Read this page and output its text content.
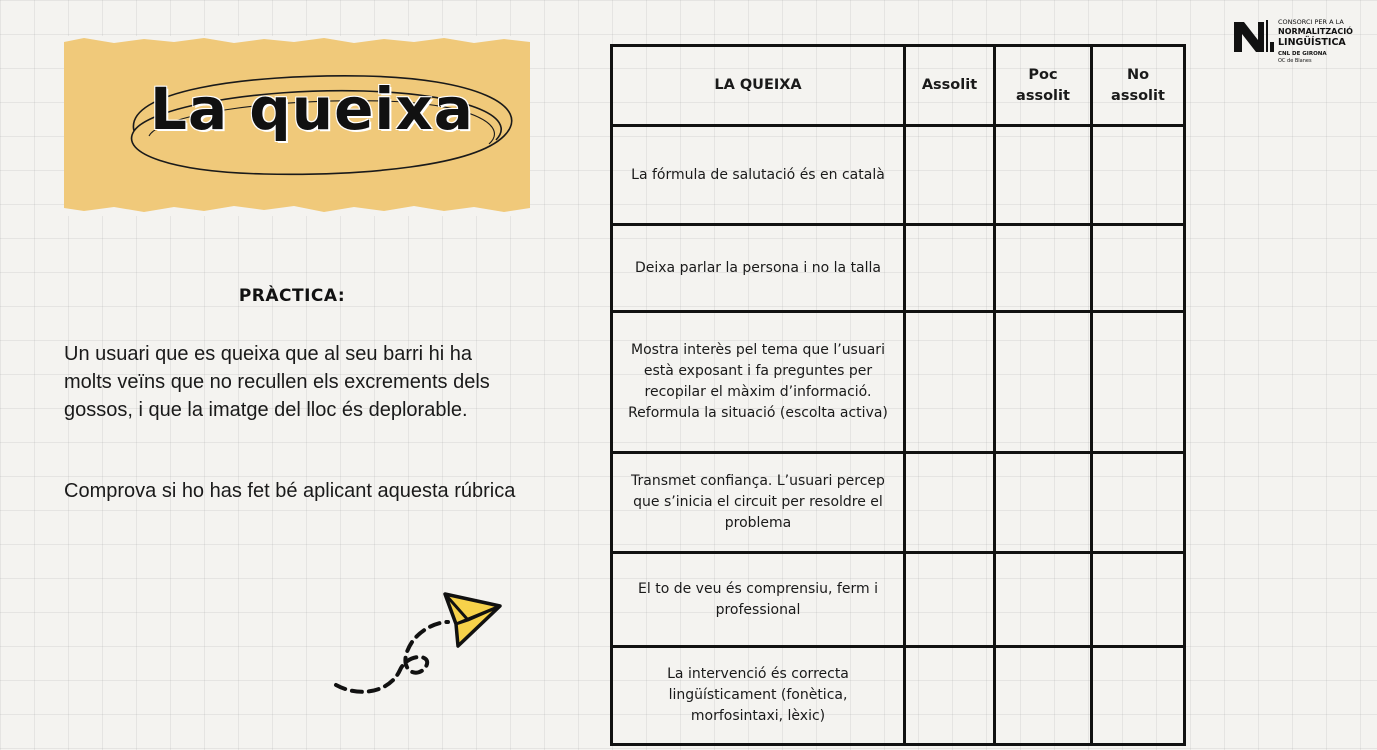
La queixa
PRÀCTICA:
Un usuari que es queixa que al seu barri hi ha molts veïns que no recullen els excrements dels gossos, i que la imatge del lloc és deplorable.
Comprova si ho has fet bé aplicant aquesta rúbrica
CONSORCI PER A LA
NORMALITZACIÓ
LINGÜÍSTICA
CNL DE GIRONA
OC de Blanes
LA QUEIXA	Assolit	Poc assolit	No assolit
La fórmula de salutació és en català			
Deixa parlar la persona i no la talla			
Mostra interès pel tema que l’usuari està exposant i fa preguntes per recopilar el màxim d’informació. Reformula la situació (escolta activa)			
Transmet confiança. L’usuari percep que s’inicia el circuit per resoldre el problema			
El to de veu és comprensiu, ferm i professional			
La intervenció és correcta lingüísticament (fonètica, morfosintaxi, lèxic)			
